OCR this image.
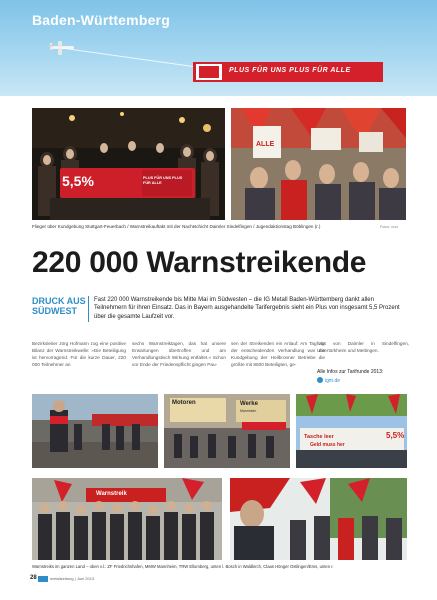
Baden-Württemberg
PLUS FÜR UNS PLUS FÜR ALLE
5,5%	PLUS FÜR UNS PLUS FÜR ALLE
ALLE
Flieger über Kundgebung Stuttgart-Feuerbach / Warnstreikauftakt mit der Nachtschicht Daimler Sindelfingen / Jugendaktionstag Böblingen (r.)	Fotos: xxxx
220 000 Warnstreikende
DRUCK AUS
SÜDWEST
Fast 220 000 Warnstreikende bis Mitte Mai im Südwesten – die IG Metall Baden-Württemberg dankt allen Teilnehmern für ihren Einsatz. Das in Bayern ausgehandelte Tarifergebnis sieht ein Plus von insgesamt 5,5 Prozent über die gesamte Laufzeit vor.
Bezirksleiter Jörg Hofmann zog eine positive Bilanz der Warnstreikwelle: »Die Beteiligung ist hervorragend. Für die kurze Dauer, 220 000 Teilnehmer an
sechs Warnstreiktagen, das hat unsere Erwartungen übertroffen und am Verhandlungstisch Wirkung entfaltet.« Schon vor Ende der Friedenspflicht gingen Pau-
sen der Streikenden ein Anlauf: Am Tag vor der entscheidenden Verhandlung war die Kundgebung der Heilbronner Betriebe die größte mit 8500 Beteiligten, ge-
folgt von Daimler in Sindelfingen, Untertürkheim und Mettingen.
Alle Infos zur Tarifrunde 2013:
igm.de
Motoren	Werke
Mannheim
Tasche leer
Geld muss her
5,5%
Warnstreik
Warnstreiks im ganzen Land – oben v.l.: ZF Friedrichshafen, MMW Mannheim, TRW Ellumberg, unten l. Bosch in Waldkirch, Claas Hönger Ostlingen/Ems, unten r.
28	metallzeitung | Juni 2013
